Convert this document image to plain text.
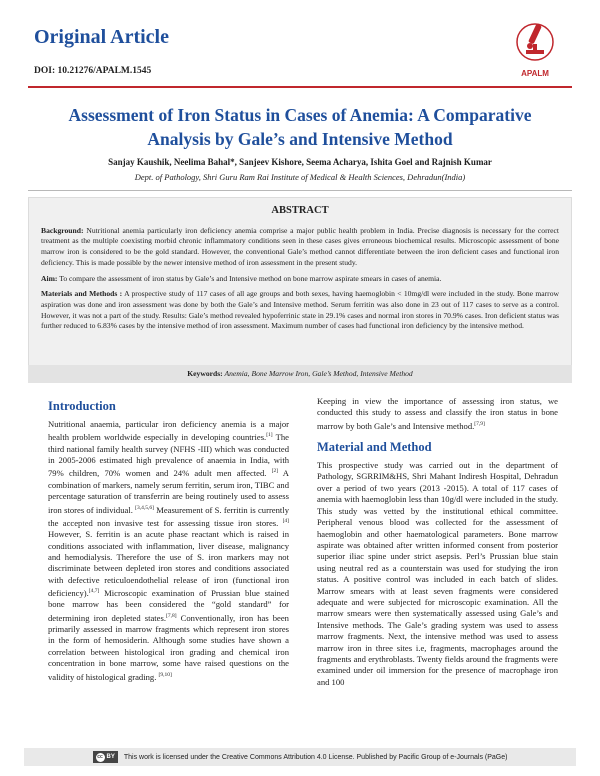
Original Article
DOI: 10.21276/APALM.1545	APALM
Assessment of Iron Status in Cases of Anemia: A Comparative Analysis by Gale’s and Intensive Method
Sanjay Kaushik, Neelima Bahal*, Sanjeev Kishore, Seema Acharya, Ishita Goel and Rajnish Kumar
Dept. of Pathology, Shri Guru Ram Rai Institute of Medical & Health Sciences, Dehradun(India)
ABSTRACT

Background: Nutritional anemia particularly iron deficiency anemia comprise a major public health problem in India. Precise diagnosis is necessary for the correct treatment as the multiple coexisting morbid chronic inflammatory conditions seen in these cases gives erroneous biochemical results. Microscopic assessment of bone marrow iron is considered to be the gold standard. However, the conventional Gale’s method cannot differentiate between the iron deficient cases and functional iron deficiency. This is made possible by the newer intensive method of iron assessment in the present study.

Aim: To compare the assessment of iron status by Gale’s and Intensive method on bone marrow aspirate smears in cases of anemia.

Materials and Methods : A prospective study of 117 cases of all age groups and both sexes, having haemoglobin < 10mg/dl were included in the study. Bone marrow aspiration was done and iron assessment was done by both the Gale’s and Intensive method. Serum ferritin was also done in 23 out of 117 cases to serve as a control. However, it was not a part of the study. Results: Gale’s method revealed hypoferrinic state in 29.1% cases and normal iron stores in 70.9% cases. Iron deficient status was further reduced to 6.83% cases by the intensive method of iron assessment. Maximum number of cases had functional iron deficiency by the intensive method.

Keywords: Anemia, Bone Marrow Iron, Gale’s Method, Intensive Method
Introduction

Nutritional anaemia, particular iron deficiency anemia is a major health problem worldwide especially in developing countries.[1] The third national family health survey (NFHS -III) which was conducted in 2005-2006 estimated high prevalence of anaemia in India, with 79% children, 70% women and 24% adult men affected. [2] A combination of markers, namely serum ferritin, serum iron, TIBC and percentage saturation of transferrin are being routinely used to assess iron stores of individual. [3,4,5,6] Measurement of S. ferritin is currently the accepted non invasive test for assessing tissue iron stores. [4] However, S. ferritin is an acute phase reactant which is raised in conditions associated with inflammation, liver disease, malignancy and hemodialysis. Therefore the use of S. iron markers may not discriminate between depleted iron stores and conditions associated with defective reticuloendothelial release of iron (functional iron deficiency).[4,7] Microscopic examination of Prussian blue stained bone marrow has been considered the “gold standard” for determining iron depleted states.[7,8] Conventionally, iron has been primarily assessed in marrow fragments which represent iron stores in the form of hemosiderin. Although some studies have shown a correlation between histological iron grading and chemical iron concentration in bone marrow, some have raised questions on the validity of histological grading. [9,10]

Keeping in view the importance of assessing iron status, we conducted this study to assess and classify the iron status in bone marrow by both Gale’s and Intensive method.[7,9]

Material and Method

This prospective study was carried out in the department of Pathology, SGRRIM&HS, Shri Mahant Indiresh Hospital, Dehradun over a period of two years (2013 -2015). A total of 117 cases of anemia with haemoglobin less than 10g/dl were included in the study. This study was vetted by the institutional ethical committee. Peripheral venous blood was collected for the assessment of haemoglobin and other haematological parameters. Bone marrow aspirate was obtained after written informed consent from posterior superior iliac spine under strict asepsis. Perl’s Prussian blue stain using neutral red as a counterstain was used for studying the iron status. A positive control was included in each batch of slides. Marrow smears with at least seven fragments were considered adequate and were subjected for microscopic examination. All the marrow smears were then systematically assessed using Gale’s and Intensive methods. The Gale’s grading system was used to assess marrow fragments. Next, the intensive method was used to assess marrow iron in three sites i.e, fragments, macrophages around the fragments and erythroblasts. Twenty fields around the fragments were examined under oil immersion for the presence of macrophage iron and 100

cc BY This work is licensed under the Creative Commons Attribution 4.0 License. Published by Pacific Group of e-Journals (PaGe)
